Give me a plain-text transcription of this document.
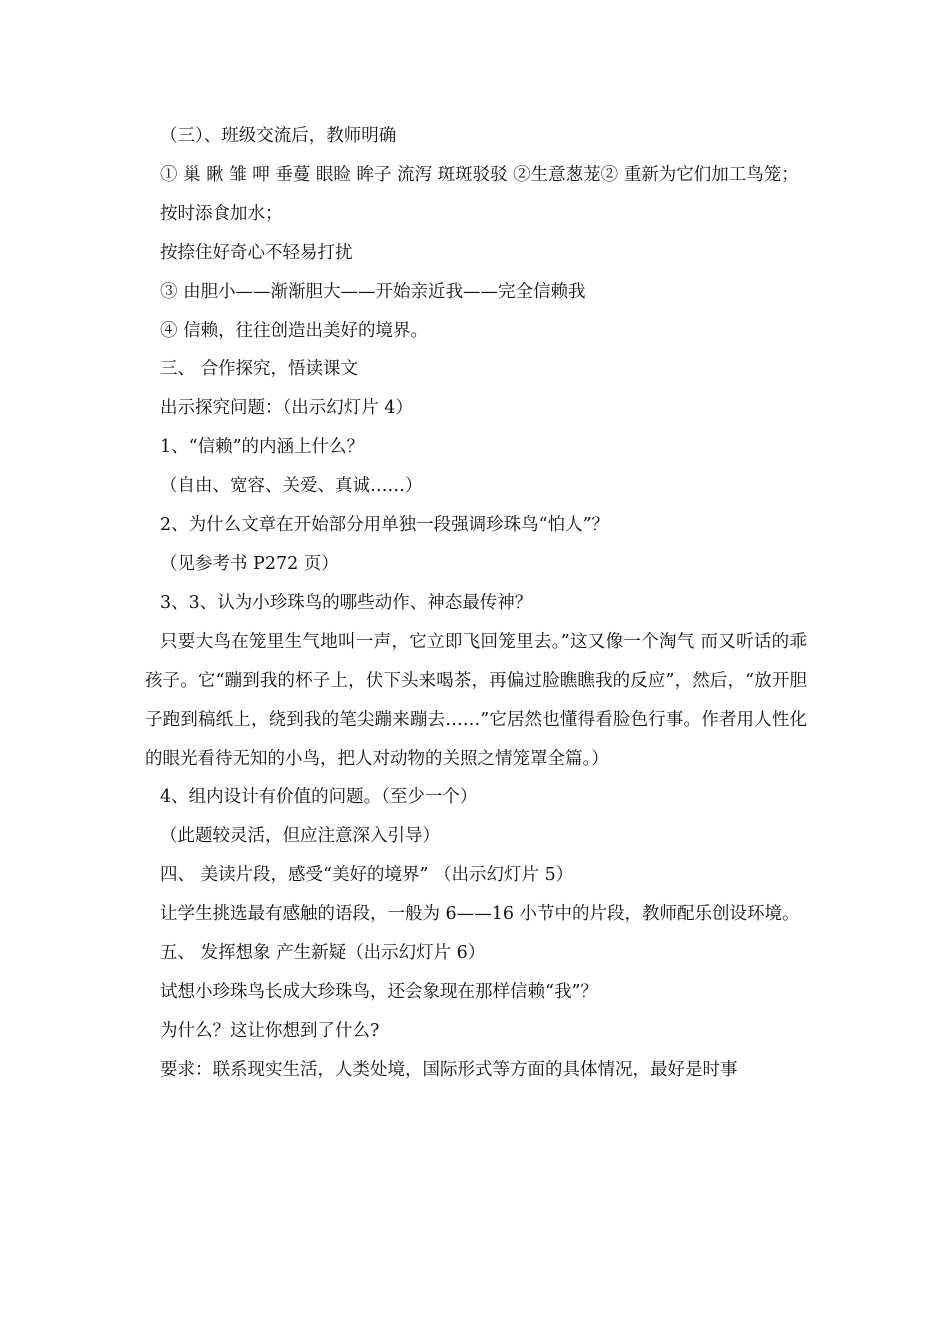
（三）、班级交流后，教师明确

① 巢 瞅 雏 呷 垂蔓 眼睑 眸子 流泻 斑斑驳驳 ②生意葱茏② 重新为它们加工鸟笼；

按时添食加水；

按捺住好奇心不轻易打扰

③ 由胆小——渐渐胆大——开始亲近我——完全信赖我

④ 信赖，往往创造出美好的境界。

三、 合作探究，悟读课文

出示探究问题：（出示幻灯片 4）

1、“信赖”的内涵上什么？

（自由、宽容、关爱、真诚……）

2、为什么文章在开始部分用单独一段强调珍珠鸟“怕人”？

（见参考书 P272 页）

3、3、认为小珍珠鸟的哪些动作、神态最传神？

只要大鸟在笼里生气地叫一声，它立即飞回笼里去。”这又像一个淘气 而又听话的乖孩子。它“蹦到我的杯子上，伏下头来喝茶，再偏过脸瞧瞧我的反应”，然后，“放开胆子跑到稿纸上，绕到我的笔尖蹦来蹦去……”它居然也懂得看脸色行事。作者用人性化的眼光看待无知的小鸟，把人对动物的关照之情笼罩全篇。）

4、组内设计有价值的问题。（至少一个）

（此题较灵活，但应注意深入引导）

四、 美读片段，感受“美好的境界” （出示幻灯片 5）

让学生挑选最有感触的语段，一般为 6——16 小节中的片段，教师配乐创设环境。

五、 发挥想象 产生新疑（出示幻灯片 6）

试想小珍珠鸟长成大珍珠鸟，还会象现在那样信赖“我”？

为什么？这让你想到了什么?

要求：联系现实生活，人类处境，国际形式等方面的具体情况，最好是时事
